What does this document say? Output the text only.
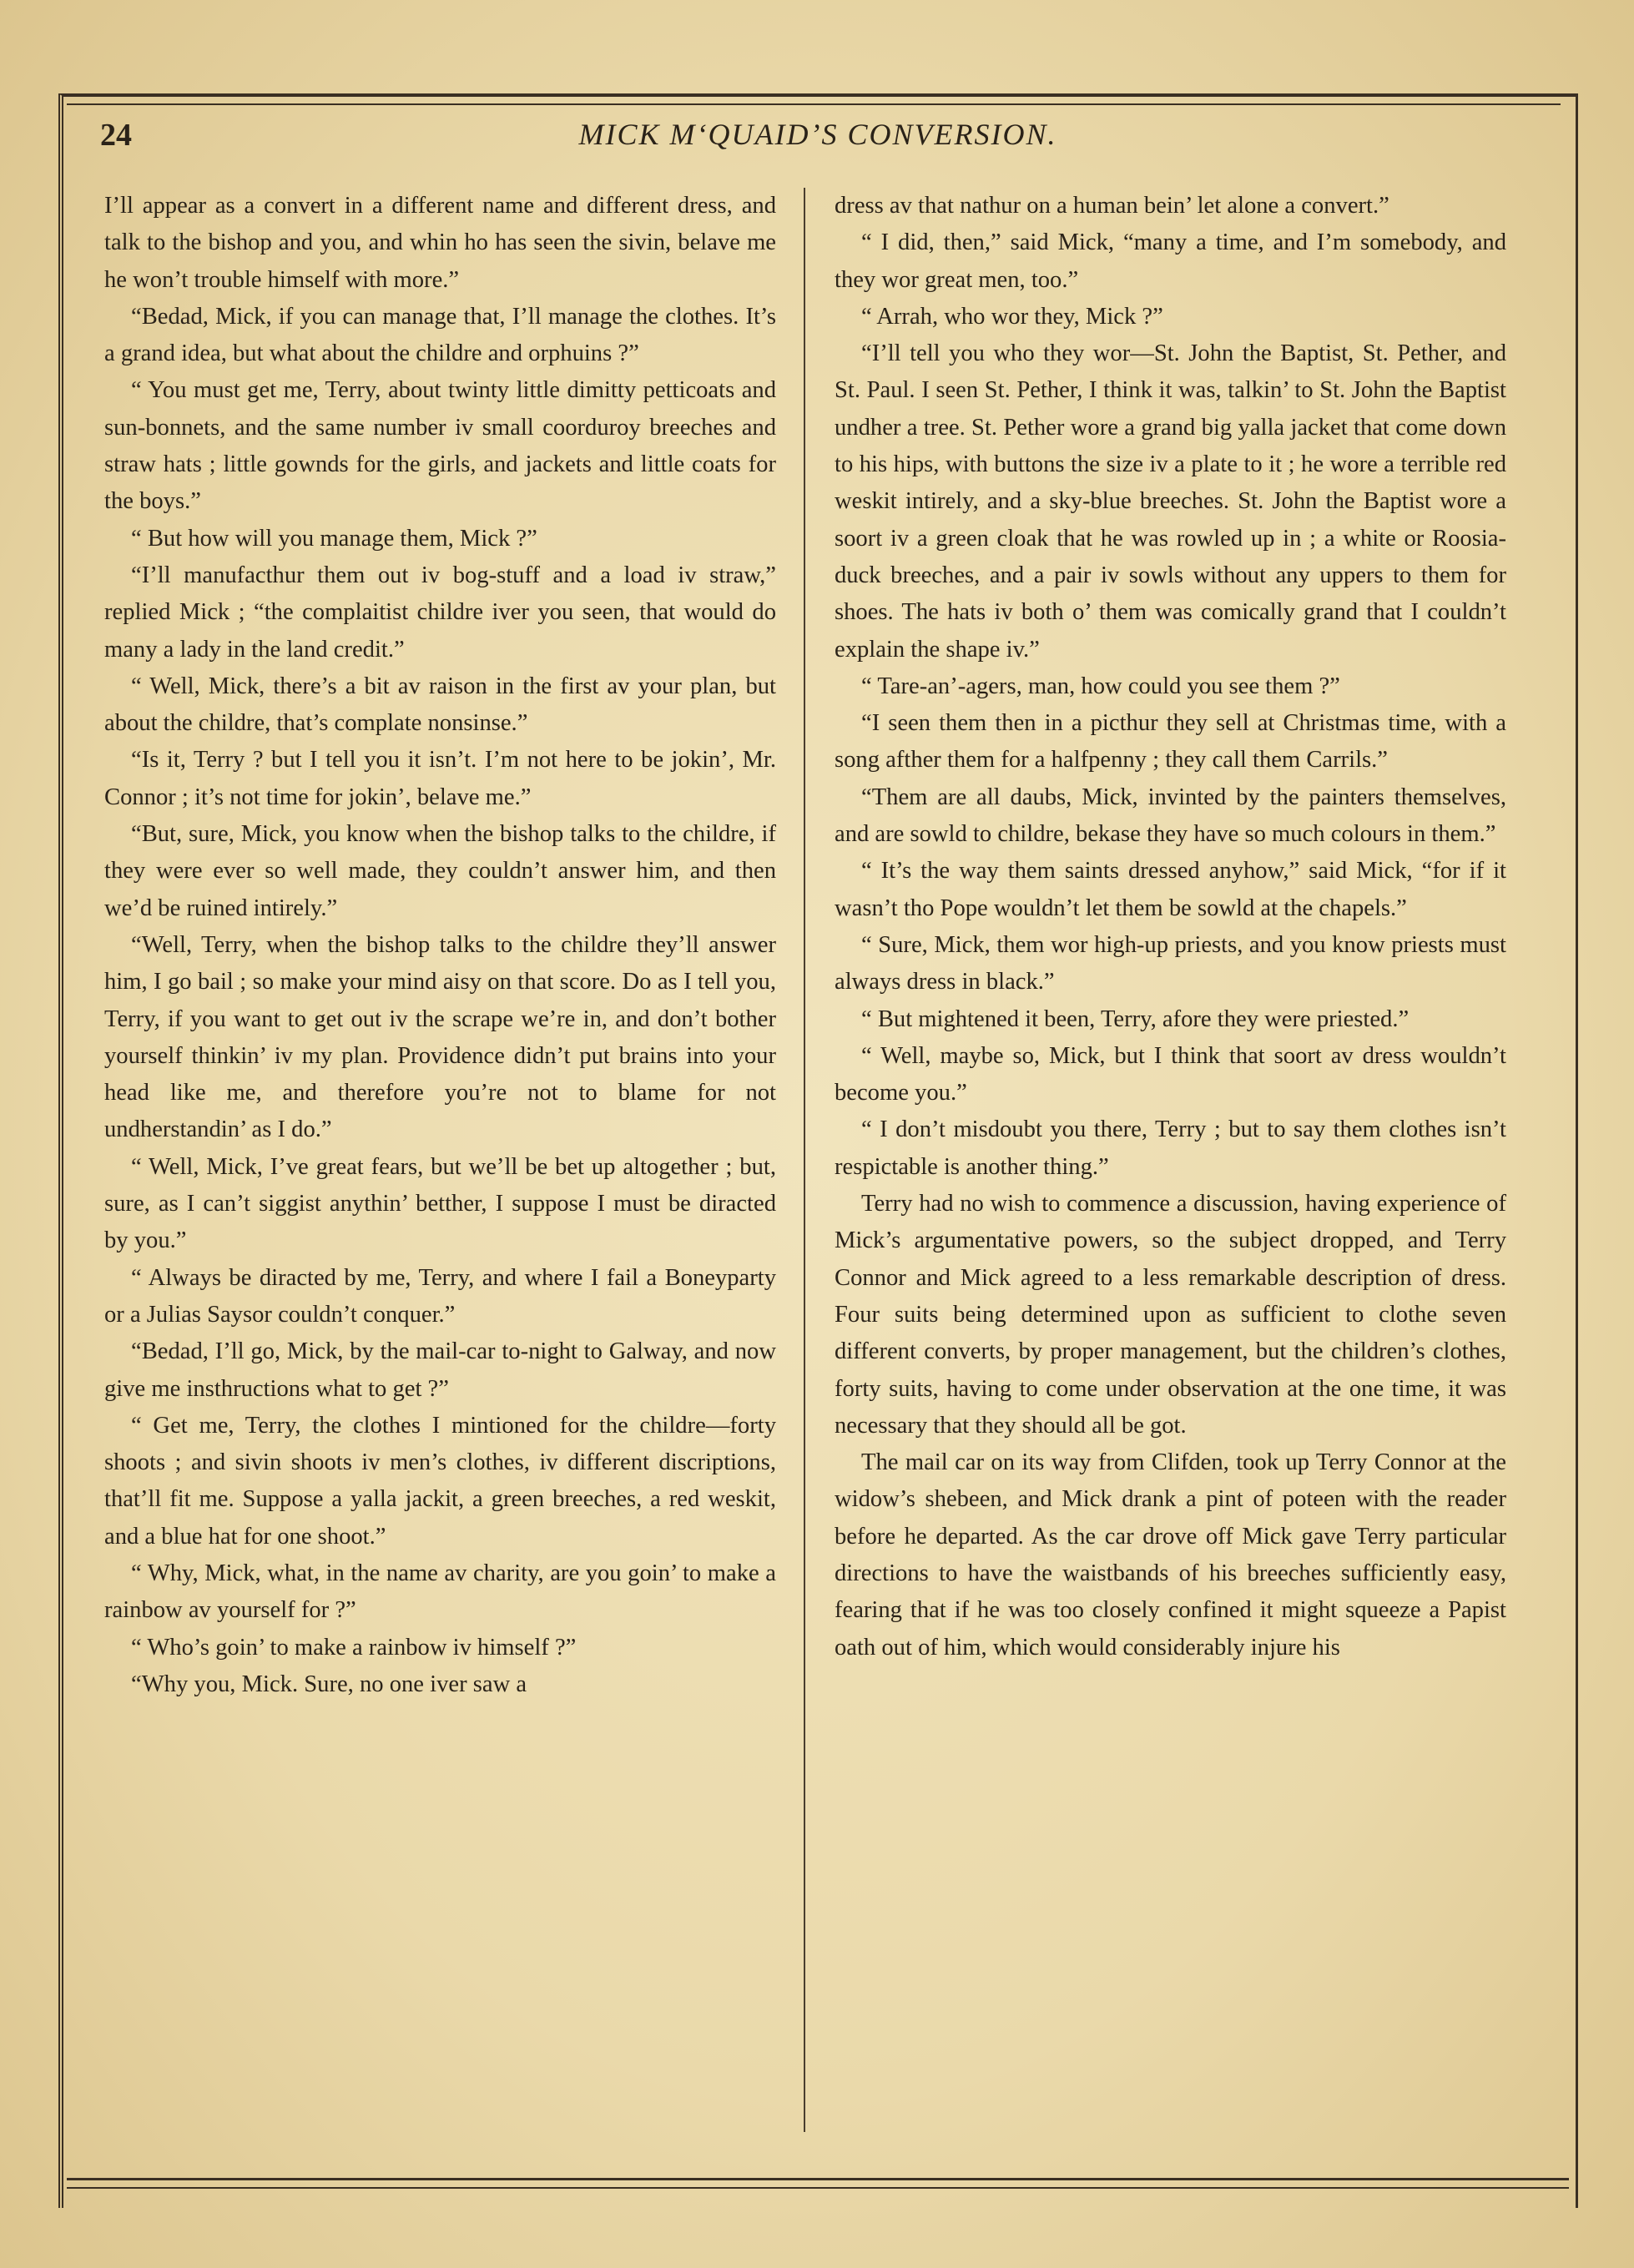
24	MICK M‘QUAID’S CONVERSION.

I’ll appear as a convert in a different name and different dress, and talk to the bishop and you, and whin ho has seen the sivin, belave me he won’t trouble himself with more.”

“Bedad, Mick, if you can manage that, I’ll manage the clothes. It’s a grand idea, but what about the childre and orphuins ?”

“ You must get me, Terry, about twinty little dimitty petticoats and sun-bonnets, and the same number iv small coorduroy breeches and straw hats ; little gownds for the girls, and jackets and little coats for the boys.”

“ But how will you manage them, Mick ?”

“I’ll manufacthur them out iv bog-stuff and a load iv straw,” replied Mick ; “the complaitist childre iver you seen, that would do many a lady in the land credit.”

“ Well, Mick, there’s a bit av raison in the first av your plan, but about the childre, that’s complate nonsinse.”

“Is it, Terry ? but I tell you it isn’t. I’m not here to be jokin’, Mr. Connor ; it’s not time for jokin’, belave me.”

“But, sure, Mick, you know when the bishop talks to the childre, if they were ever so well made, they couldn’t answer him, and then we’d be ruined intirely.”

“Well, Terry, when the bishop talks to the childre they’ll answer him, I go bail ; so make your mind aisy on that score. Do as I tell you, Terry, if you want to get out iv the scrape we’re in, and don’t bother yourself thinkin’ iv my plan. Providence didn’t put brains into your head like me, and therefore you’re not to blame for not undherstandin’ as I do.”

“ Well, Mick, I’ve great fears, but we’ll be bet up altogether ; but, sure, as I can’t siggist anythin’ betther, I suppose I must be diracted by you.”

“ Always be diracted by me, Terry, and where I fail a Boneyparty or a Julias Saysor couldn’t conquer.”

“Bedad, I’ll go, Mick, by the mail-car to-night to Galway, and now give me insthructions what to get ?”

“ Get me, Terry, the clothes I mintioned for the childre—forty shoots ; and sivin shoots iv men’s clothes, iv different discriptions, that’ll fit me. Suppose a yalla jackit, a green breeches, a red weskit, and a blue hat for one shoot.”

“ Why, Mick, what, in the name av charity, are you goin’ to make a rainbow av yourself for ?”

“ Who’s goin’ to make a rainbow iv himself ?”

“Why you, Mick. Sure, no one iver saw a

dress av that nathur on a human bein’ let alone a convert.”

“ I did, then,” said Mick, “many a time, and I’m somebody, and they wor great men, too.”

“ Arrah, who wor they, Mick ?”

“I’ll tell you who they wor—St. John the Baptist, St. Pether, and St. Paul. I seen St. Pether, I think it was, talkin’ to St. John the Baptist undher a tree. St. Pether wore a grand big yalla jacket that come down to his hips, with buttons the size iv a plate to it ; he wore a terrible red weskit intirely, and a sky-blue breeches. St. John the Baptist wore a soort iv a green cloak that he was rowled up in ; a white or Roosia-duck breeches, and a pair iv sowls without any uppers to them for shoes. The hats iv both o’ them was comically grand that I couldn’t explain the shape iv.”

“ Tare-an’-agers, man, how could you see them ?”

“I seen them then in a picthur they sell at Christmas time, with a song afther them for a halfpenny ; they call them Carrils.”

“Them are all daubs, Mick, invinted by the painters themselves, and are sowld to childre, bekase they have so much colours in them.”

“ It’s the way them saints dressed anyhow,” said Mick, “for if it wasn’t tho Pope wouldn’t let them be sowld at the chapels.”

“ Sure, Mick, them wor high-up priests, and you know priests must always dress in black.”

“ But mightened it been, Terry, afore they were priested.”

“ Well, maybe so, Mick, but I think that soort av dress wouldn’t become you.”

“ I don’t misdoubt you there, Terry ; but to say them clothes isn’t respictable is another thing.”

Terry had no wish to commence a discussion, having experience of Mick’s argumentative powers, so the subject dropped, and Terry Connor and Mick agreed to a less remarkable description of dress. Four suits being determined upon as sufficient to clothe seven different converts, by proper management, but the children’s clothes, forty suits, having to come under observation at the one time, it was necessary that they should all be got.

The mail car on its way from Clifden, took up Terry Connor at the widow’s shebeen, and Mick drank a pint of poteen with the reader before he departed. As the car drove off Mick gave Terry particular directions to have the waistbands of his breeches sufficiently easy, fearing that if he was too closely confined it might squeeze a Papist oath out of him, which would considerably injure his
